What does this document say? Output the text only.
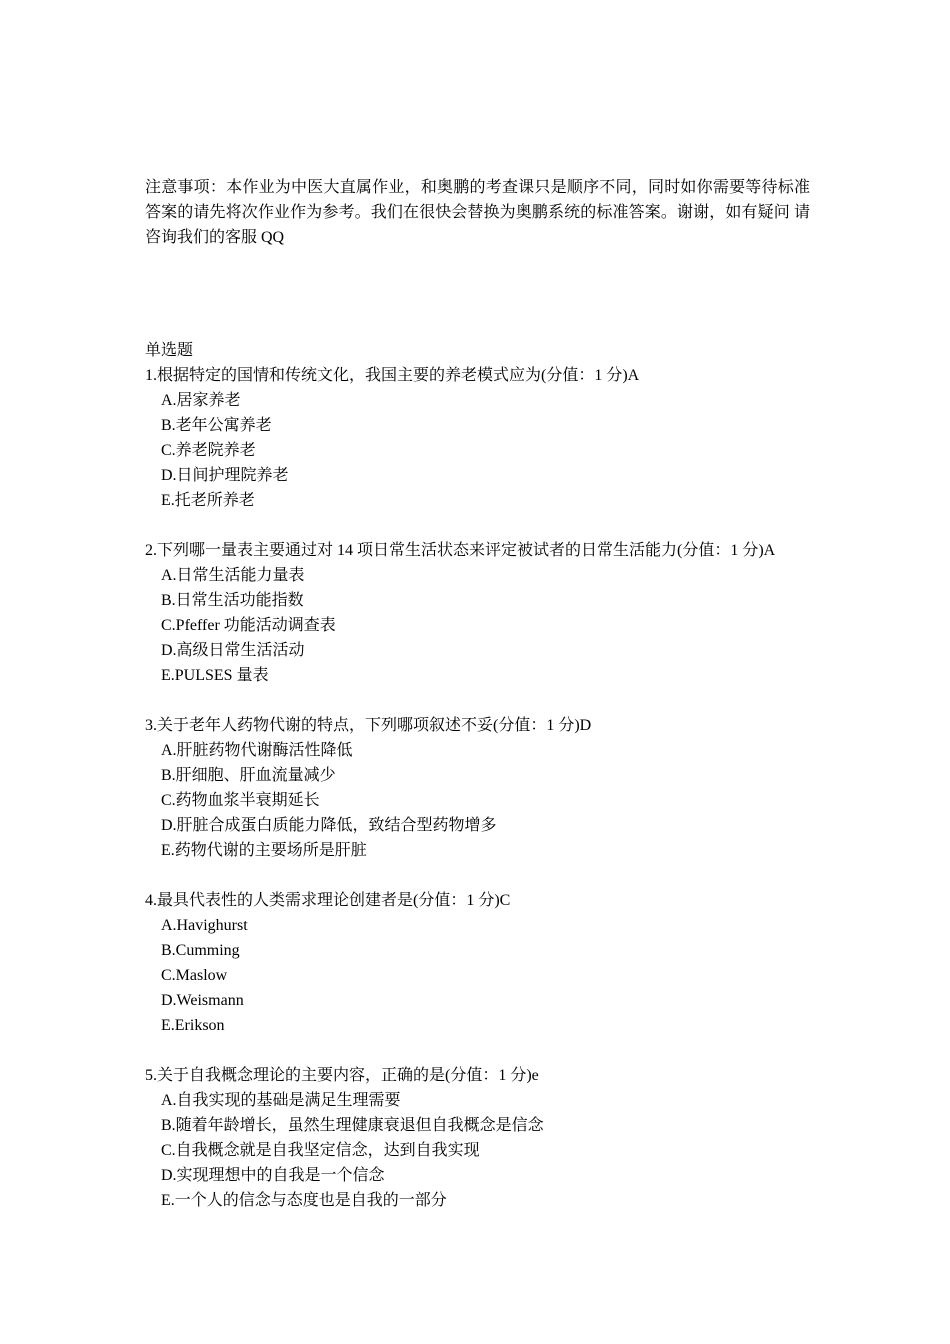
注意事项：本作业为中医大直属作业，和奥鹏的考查课只是顺序不同，同时如你需要等待标准答案的请先将次作业作为参考。我们在很快会替换为奥鹏系统的标准答案。谢谢，如有疑问 请咨询我们的客服 QQ

单选题
1.根据特定的国情和传统文化，我国主要的养老模式应为(分值：1 分)A
A.居家养老
B.老年公寓养老
C.养老院养老
D.日间护理院养老
E.托老所养老
2.下列哪一量表主要通过对 14 项日常生活状态来评定被试者的日常生活能力(分值：1 分)A
A.日常生活能力量表
B.日常生活功能指数
C.Pfeffer 功能活动调查表
D.高级日常生活活动
E.PULSES 量表
3.关于老年人药物代谢的特点，下列哪项叙述不妥(分值：1 分)D
A.肝脏药物代谢酶活性降低
B.肝细胞、肝血流量减少
C.药物血浆半衰期延长
D.肝脏合成蛋白质能力降低，致结合型药物增多
E.药物代谢的主要场所是肝脏
4.最具代表性的人类需求理论创建者是(分值：1 分)C
A.Havighurst
B.Cumming
C.Maslow
D.Weismann
E.Erikson
5.关于自我概念理论的主要内容，正确的是(分值：1 分)e
A.自我实现的基础是满足生理需要
B.随着年龄增长，虽然生理健康衰退但自我概念是信念
C.自我概念就是自我坚定信念，达到自我实现
D.实现理想中的自我是一个信念
E.一个人的信念与态度也是自我的一部分
